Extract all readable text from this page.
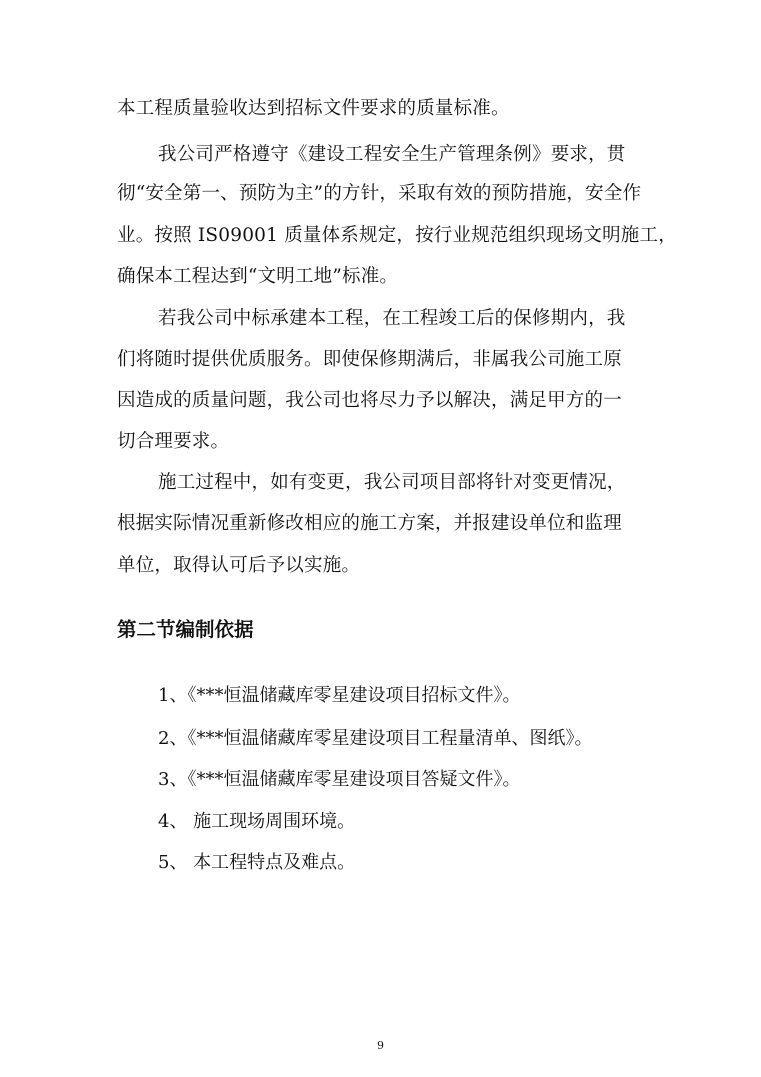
本工程质量验收达到招标文件要求的质量标准。
我公司严格遵守《建设工程安全生产管理条例》要求，贯
彻“安全第一、预防为主”的方针，采取有效的预防措施，安全作
业。按照 IS09001 质量体系规定，按行业规范组织现场文明施工，
确保本工程达到“文明工地”标准。
若我公司中标承建本工程，在工程竣工后的保修期内，我
们将随时提供优质服务。即使保修期满后，非属我公司施工原
因造成的质量问题，我公司也将尽力予以解决，满足甲方的一
切合理要求。
施工过程中，如有变更，我公司项目部将针对变更情况，
根据实际情况重新修改相应的施工方案，并报建设单位和监理
单位，取得认可后予以实施。
第二节编制依据
1、《***恒温储藏库零星建设项目招标文件》。
2、《***恒温储藏库零星建设项目工程量清单、图纸》。
3、《***恒温储藏库零星建设项目答疑文件》。
4、 施工现场周围环境。
5、 本工程特点及难点。
9
